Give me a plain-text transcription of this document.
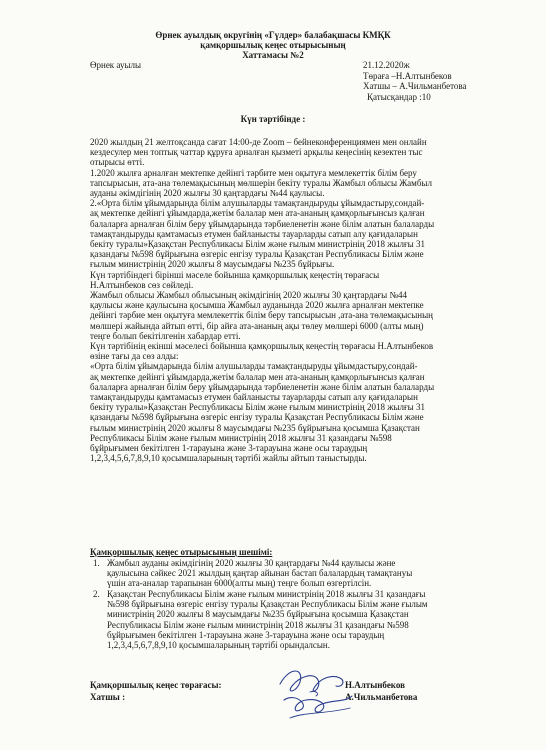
Өрнек ауылдық округінің «Гүлдер» балабақшасы КМҚК
қамқоршылық кеңес отырысының
Хаттамасы №2
Өрнек ауылы	21.12.2020ж
Төраға –Н.Алтынбеков
Хатшы – А.Чильманбетова
Қатысқандар :10
Күн тәртібінде :
2020 жылдың 21 желтоқсанда сағат 14:00-де Zoom – бейнеконференциямен мен онлайн
кездесулер мен топтық чаттар құруға арналған қызметі арқылы кеңесінің кезектен тыс
отырысы өтті.
1.2020 жылға арналған мектепке дейінгі тәрбите мен оқытуға мемлекеттік білім беру
тапсырысын, ата-ана төлемақысының мөлшерін бекіту туралы Жамбыл облысы Жамбыл
ауданы әкімдігінің 2020 жылғы 30 қаңтардағы №44 қаулысы.
2.«Орта білім ұйымдарында білім алушыларды тамақтандыруды ұйымдастыру,сондай-
ақ мектепке дейінгі ұйымдарда,жетім балалар мен ата-ананың қамқорлығынсыз қалған
балаларға арналған білім беру ұйымдарында тәрбиеленетін және білім алатын балаларды
тамақтандыруды қамтамасыз етумен байланысты тауарларды сатып алу қағидаларын
бекіту туралы»Қазақстан Республикасы Білім және ғылым министрінің 2018 жылғы 31
қазандағы №598 бұйрығына өзгеріс енгізу туралы Қазақстан Республикасы Білім және
ғылым министрінің 2020 жылғы 8 маусымдағы №235 бұйрығы.
Күн тәртібіндегі бірінші мәселе бойынша қамқоршылық кеңестің төрағасы
Н.Алтынбеков сөз сөйледі.
Жамбыл облысы Жамбыл облысының әкімдігінің 2020 жылғы 30 қаңтардағы №44
қаулысы және қаулысына қосымша Жамбыл ауданында 2020 жылға арналған мектепке
дейінгі тәрбие мен оқытуға мемлекеттік білім беру тапсырысын ,ата-ана төлемақысының
мөлшері жайында айтып өтті, бір айға ата-ананың ақы төлеу мөлшері 6000 (алты мың)
теңге болып бекітілгенін хабардар етті.
Күн тәртібінің екінші мәселесі бойынша қамқоршылық кеңестің төрағасы Н.Алтынбеков
өзіне тағы да сөз алды:
«Орта білім ұйымдарында білім алушыларды тамақтандыруды ұйымдастыру,сондай-
ақ мектепке дейінгі ұйымдарда,жетім балалар мен ата-ананың қамқорлығынсыз қалған
балаларға арналған білім беру ұйымдарында тәрбиеленетін және білім алатын балаларды
тамақтандыруды қамтамасыз етумен байланысты тауарларды сатып алу қағидаларын
бекіту туралы»Қазақстан Республикасы Білім және ғылым министрінің 2018 жылғы 31
қазандағы №598 бұйрығына өзгеріс енгізу туралы Қазақстан Республикасы Білім және
ғылым министрінің 2020 жылғы 8 маусымдағы №235 бұйрығына қосымша Қазақстан
Республикасы Білім және ғылым министрінің 2018 жылғы 31 қазандағы №598
бұйрығымен бекітілген 1-тарауына және 3-тарауына және осы тараудың
1,2,3,4,5,6,7,8,9,10 қосымшаларының тәртібі жайлы айтып таныстырды.
Қамқоршылық кеңес отырысының шешімі:
1. Жамбыл ауданы әкімдігінің 2020 жылғы 30 қаңтардағы №44 қаулысы және
қаулысына сәйкес 2021 жылдың қаңтар айынан бастап балалардың тамақтануы
үшін ата-аналар тарапынан 6000(алты мың) теңге болып өзгертілсін.
2. Қазақстан Республикасы Білім және ғылым министрінің 2018 жылғы 31 қазандағы
№598 бұйрығына өзгеріс енгізу туралы Қазақстан Республикасы Білім және ғылым
министрінің 2020 жылғы 8 маусымдағы №235 бұйрығына қосымша Қазақстан
Республикасы Білім және ғылым министрінің 2018 жылғы 31 қазандағы №598
бұйрығымен бекітілген 1-тарауына және 3-тарауына және осы тараудың
1,2,3,4,5,6,7,8,9,10 қосымшаларының тәртібі орындалсын.
Қамқоршылық кеңес төрағасы:	Н.Алтынбеков
Хатшы :	А.Чильманбетова
